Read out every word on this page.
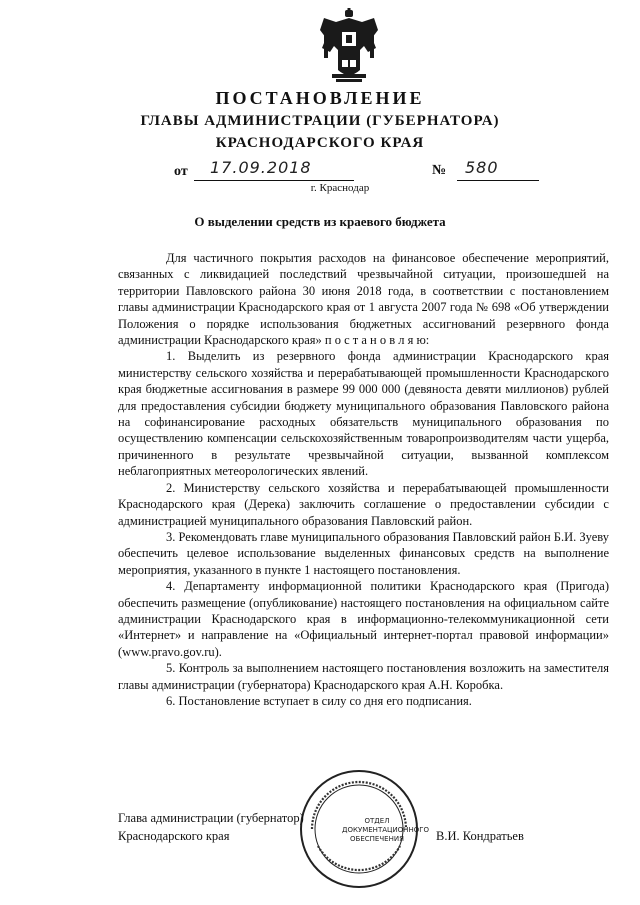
ПОСТАНОВЛЕНИЕ
ГЛАВЫ АДМИНИСТРАЦИИ (ГУБЕРНАТОРА)
КРАСНОДАРСКОГО КРАЯ
от 17.09.2018	№ 580
г. Краснодар
О выделении средств из краевого бюджета

Для частичного покрытия расходов на финансовое обеспечение мероприятий, связанных с ликвидацией последствий чрезвычайной ситуации, произошедшей на территории Павловского района 30 июня 2018 года, в соответствии с постановлением главы администрации Краснодарского края от 1 августа 2007 года № 698 «Об утверждении Положения о порядке использования бюджетных ассигнований резервного фонда администрации Краснодарского края» п о с т а н о в л я ю:

1. Выделить из резервного фонда администрации Краснодарского края министерству сельского хозяйства и перерабатывающей промышленности Краснодарского края бюджетные ассигнования в размере 99 000 000 (девяноста девяти миллионов) рублей для предоставления субсидии бюджету муниципального образования Павловского района на софинансирование расходных обязательств муниципального образования по осуществлению компенсации сельскохозяйственным товаропроизводителям части ущерба, причиненного в результате чрезвычайной ситуации, вызванной комплексом неблагоприятных метеорологических явлений.

2. Министерству сельского хозяйства и перерабатывающей промышленности Краснодарского края (Дерека) заключить соглашение о предоставлении субсидии с администрацией муниципального образования Павловский район.

3. Рекомендовать главе муниципального образования Павловский район Б.И. Зуеву обеспечить целевое использование выделенных финансовых средств на выполнение мероприятия, указанного в пункте 1 настоящего постановления.

4. Департаменту информационной политики Краснодарского края (Пригода) обеспечить размещение (опубликование) настоящего постановления на официальном сайте администрации Краснодарского края в информационно-телекоммуникационной сети «Интернет» и направление на «Официальный интернет-портал правовой информации» (www.pravo.gov.ru).

5. Контроль за выполнением настоящего постановления возложить на заместителя главы администрации (губернатора) Краснодарского края А.Н. Коробка.

6. Постановление вступает в силу со дня его подписания.

ОТДЕЛ
ДОКУМЕНТАЦИОННОГО
ОБЕСПЕЧЕНИЯ
Глава администрации (губернатор)
Краснодарского края	В.И. Кондратьев
